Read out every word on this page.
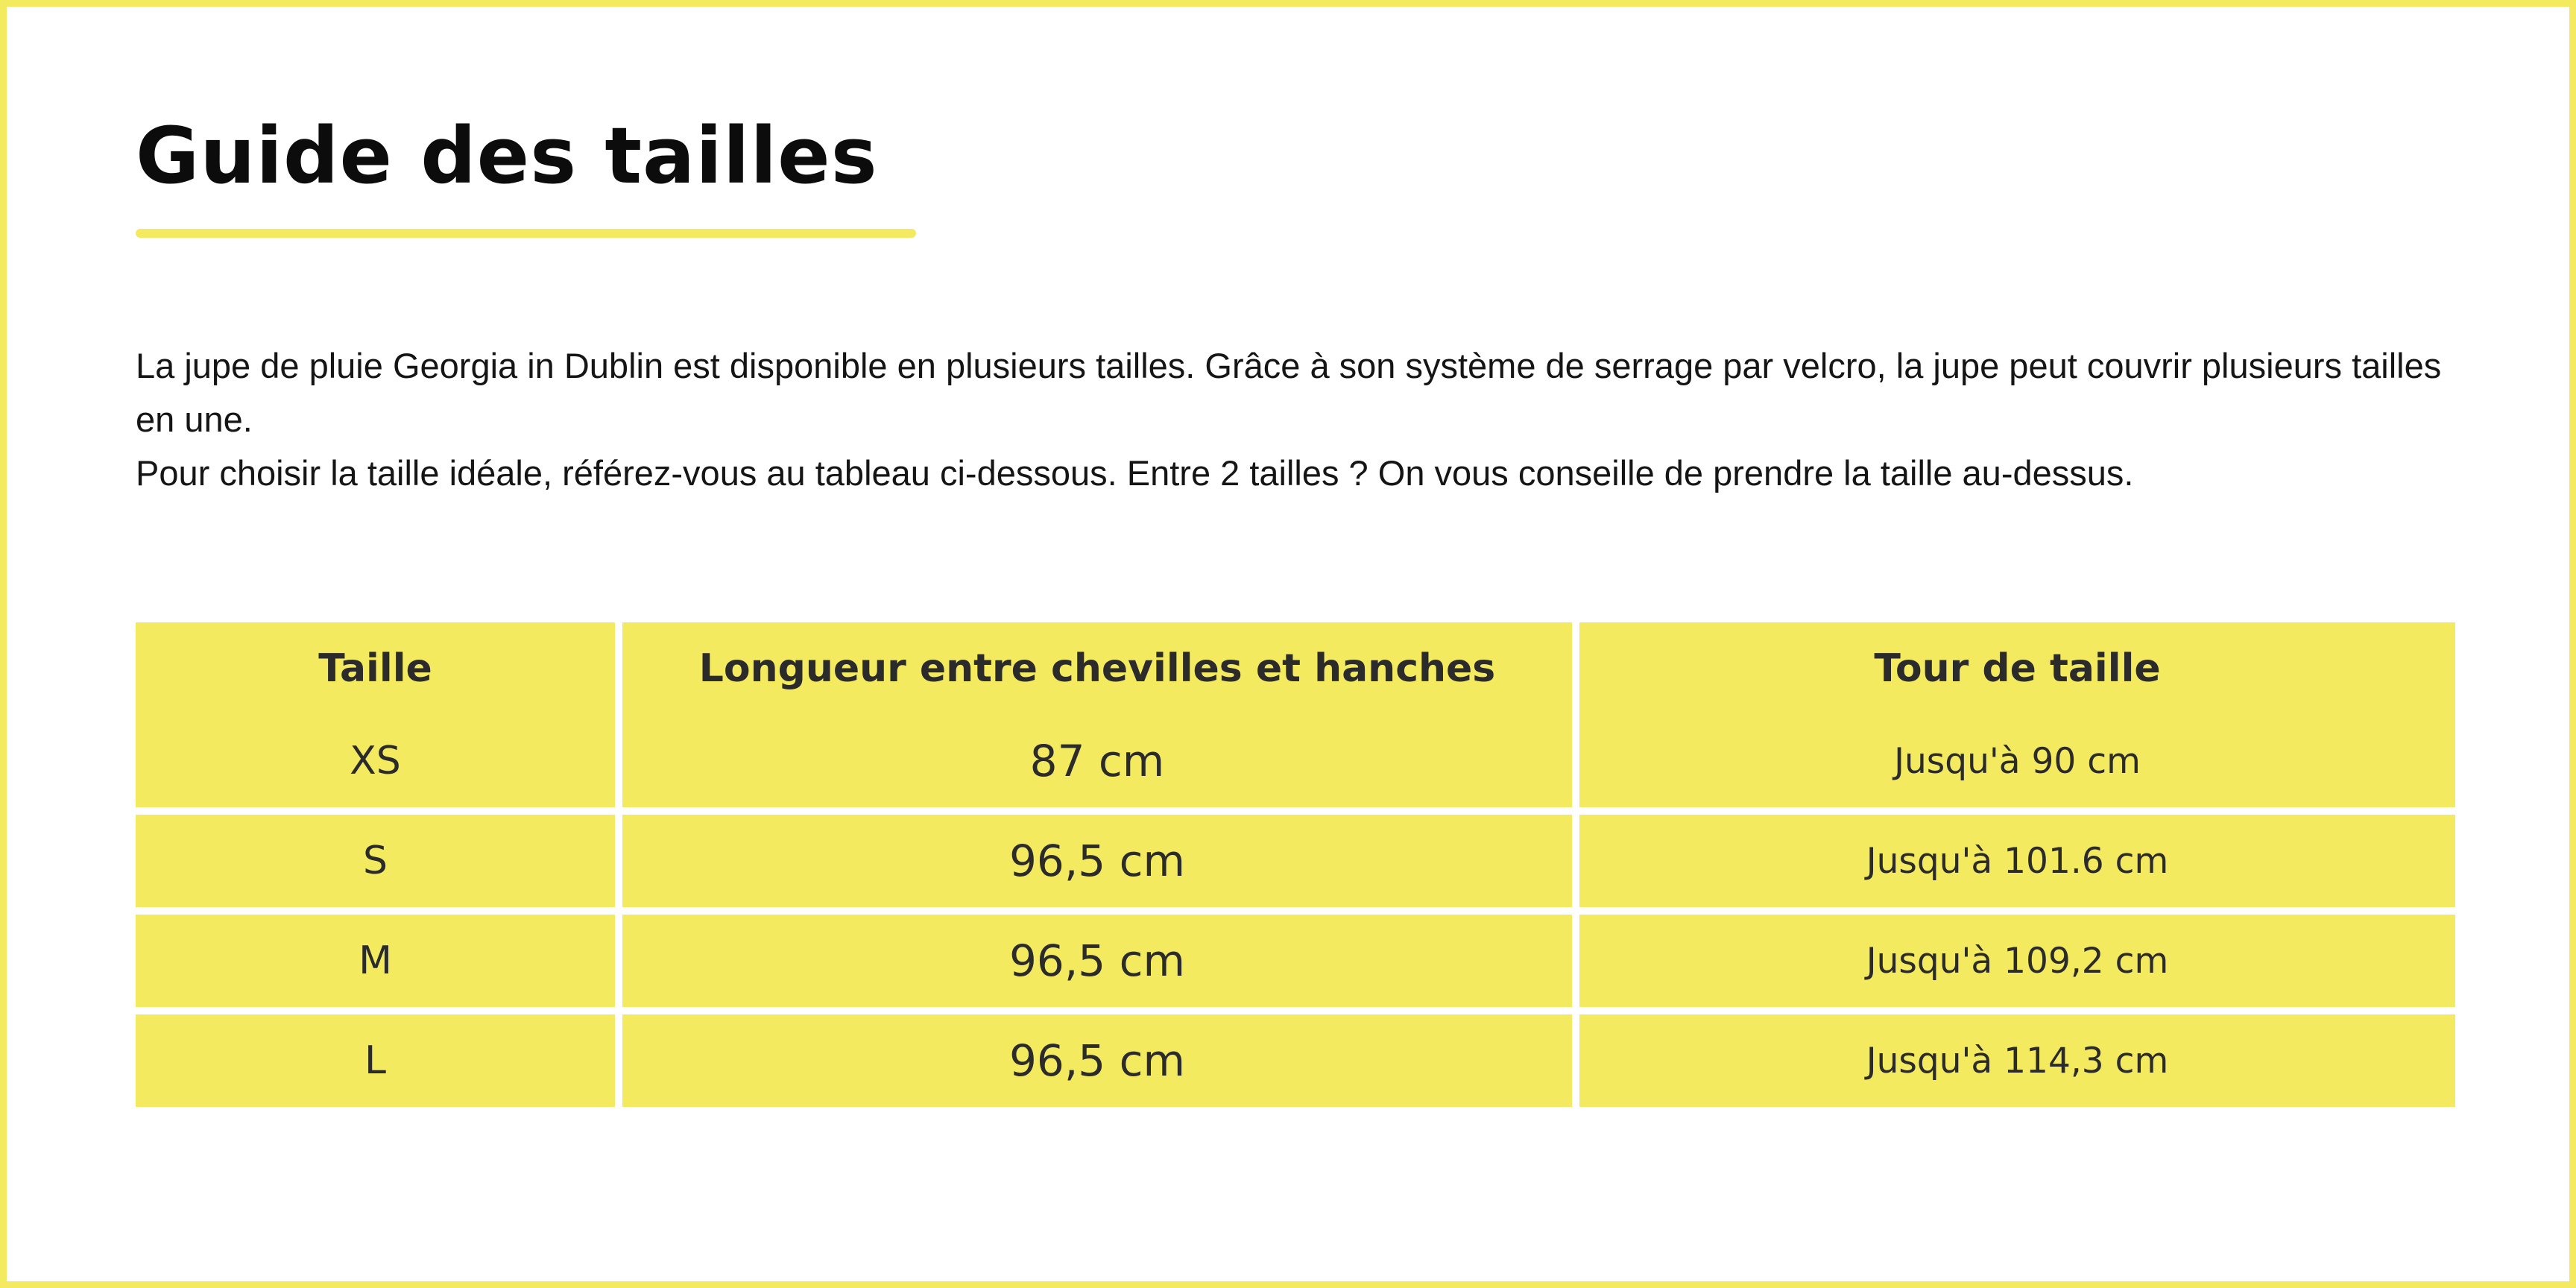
Guide des tailles

La jupe de pluie Georgia in Dublin est disponible en plusieurs tailles. Grâce à son système de serrage par velcro, la jupe peut couvrir plusieurs tailles en une.

Pour choisir la taille idéale, référez-vous au tableau ci-dessous. Entre 2 tailles ? On vous conseille de prendre la taille au-dessus.

Taille	Longueur entre chevilles et hanches	Tour de taille
XS	87 cm	Jusqu'à 90 cm
S	96,5 cm	Jusqu'à 101.6 cm
M	96,5 cm	Jusqu'à 109,2 cm
L	96,5 cm	Jusqu'à 114,3 cm
